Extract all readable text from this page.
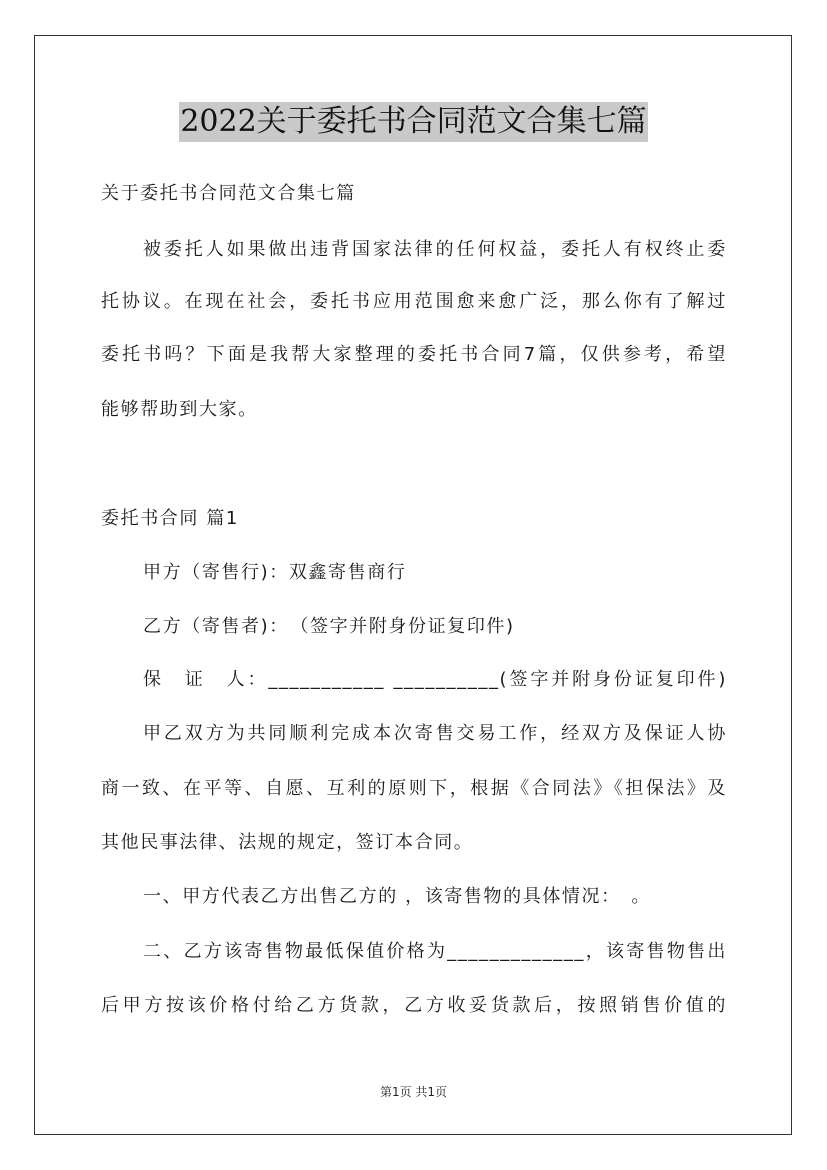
2022关于委托书合同范文合集七篇
关于委托书合同范文合集七篇
被委托人如果做出违背国家法律的任何权益，委托人有权终止委
托协议。在现在社会，委托书应用范围愈来愈广泛，那么你有了解过
委托书吗？下面是我帮大家整理的委托书合同7篇，仅供参考，希望
能够帮助到大家。
委托书合同 篇1
甲方（寄售行)：双鑫寄售商行
乙方（寄售者)：　（签字并附身份证复印件)
保　证　人：___________ __________(签字并附身份证复印件)
甲乙双方为共同顺利完成本次寄售交易工作，经双方及保证人协
商一致、在平等、自愿、互利的原则下，根据《合同法》《担保法》及
其他民事法律、法规的规定，签订本合同。
一、甲方代表乙方出售乙方的 ，该寄售物的具体情况：　。
二、乙方该寄售物最低保值价格为_____________，该寄售物售出
后甲方按该价格付给乙方货款，乙方收妥货款后，按照销售价值的
第1页 共1页
